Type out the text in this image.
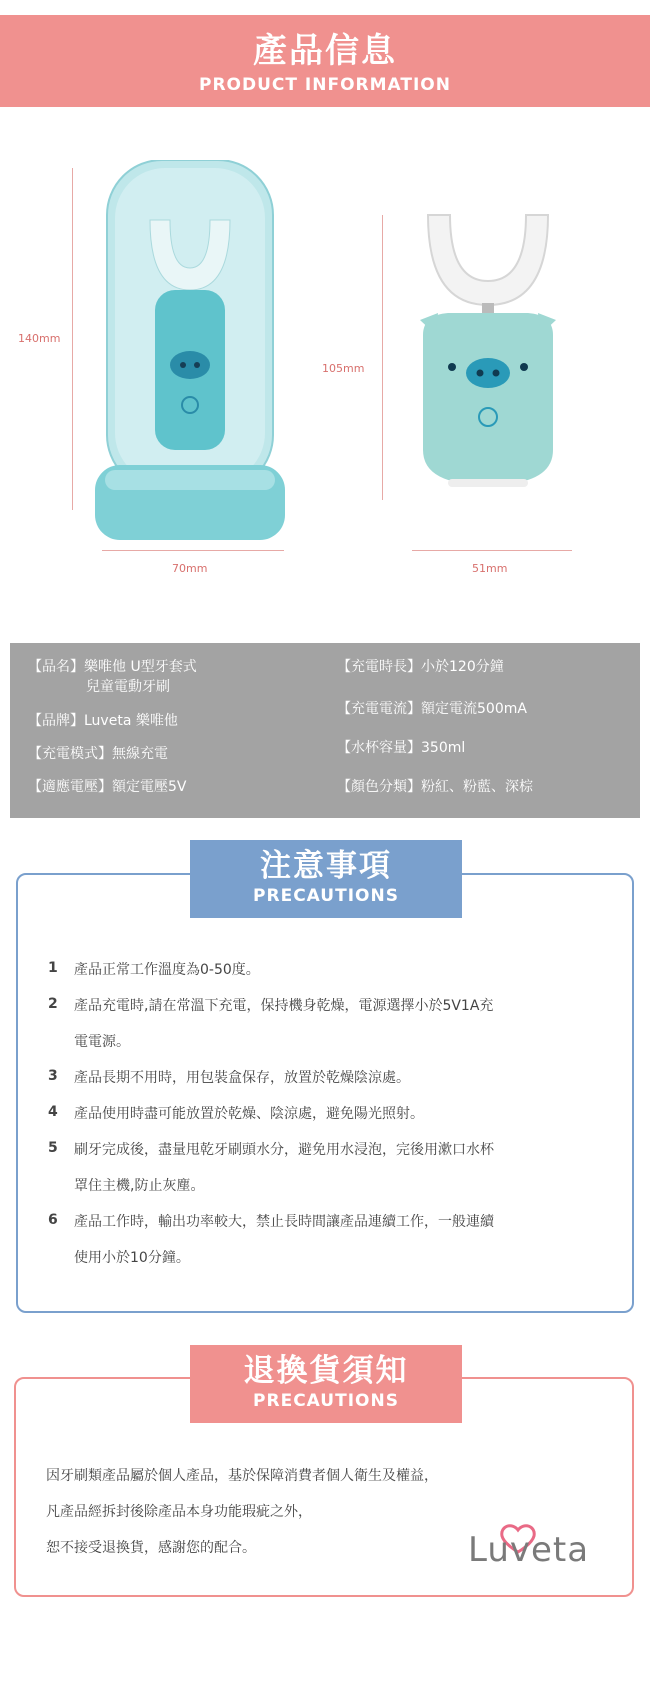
產品信息
PRODUCT INFORMATION
140mm
105mm
70mm	51mm
【品名】樂唯他 U型牙套式
兒童電動牙刷
【品牌】Luveta 樂唯他
【充電模式】無線充電
【適應電壓】額定電壓5V
【充電時長】小於120分鐘
【充電電流】額定電流500mA
【水杯容量】350ml
【顏色分類】粉紅、粉藍、深棕
注意事項
PRECAUTIONS
1	產品正常工作溫度為0-50度。
2	產品充電時,請在常溫下充電，保持機身乾燥，電源選擇小於5V1A充
電電源。
3	產品長期不用時，用包裝盒保存，放置於乾燥陰涼處。
4	產品使用時盡可能放置於乾燥、陰涼處，避免陽光照射。
5	刷牙完成後，盡量甩乾牙刷頭水分，避免用水浸泡，完後用漱口水杯
罩住主機,防止灰塵。
6	產品工作時，輸出功率較大，禁止長時間讓產品連續工作，一般連續
使用小於10分鐘。
退換貨須知
PRECAUTIONS
因牙刷類產品屬於個人產品，基於保障消費者個人衛生及權益，
凡產品經拆封後除產品本身功能瑕疵之外，
恕不接受退換貨，感謝您的配合。	Luveta
